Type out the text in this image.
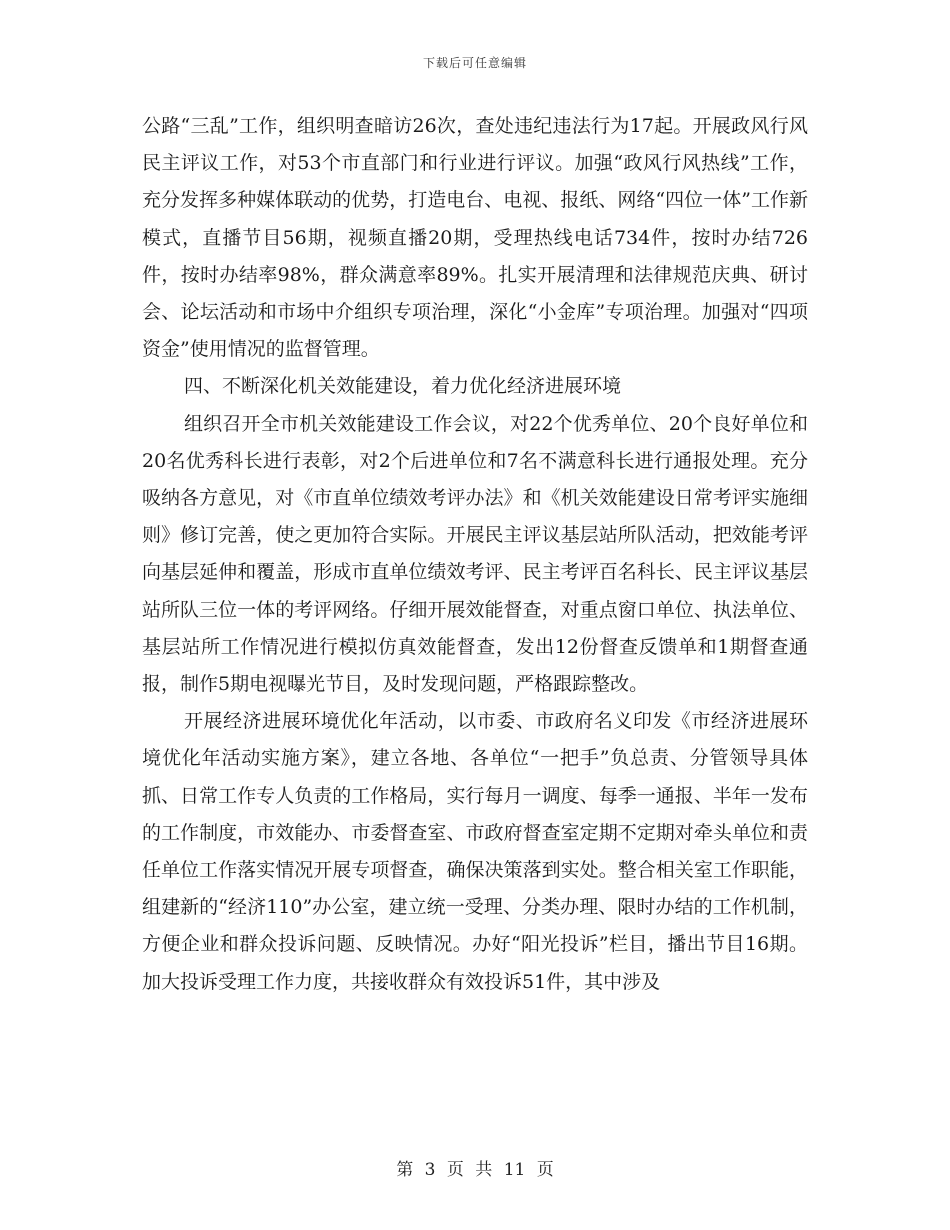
下载后可任意编辑

公路“三乱”工作，组织明查暗访26次，查处违纪违法行为17起。开展政风行风民主评议工作，对53个市直部门和行业进行评议。加强“政风行风热线”工作，充分发挥多种媒体联动的优势，打造电台、电视、报纸、网络“四位一体”工作新模式，直播节目56期，视频直播20期，受理热线电话734件，按时办结726件，按时办结率98%，群众满意率89%。扎实开展清理和法律规范庆典、研讨会、论坛活动和市场中介组织专项治理，深化“小金库”专项治理。加强对“四项资金”使用情况的监督管理。

四、不断深化机关效能建设，着力优化经济进展环境

组织召开全市机关效能建设工作会议，对22个优秀单位、20个良好单位和20名优秀科长进行表彰，对2个后进单位和7名不满意科长进行通报处理。充分吸纳各方意见，对《市直单位绩效考评办法》和《机关效能建设日常考评实施细则》修订完善，使之更加符合实际。开展民主评议基层站所队活动，把效能考评向基层延伸和覆盖，形成市直单位绩效考评、民主考评百名科长、民主评议基层站所队三位一体的考评网络。仔细开展效能督查，对重点窗口单位、执法单位、基层站所工作情况进行模拟仿真效能督查，发出12份督查反馈单和1期督查通报，制作5期电视曝光节目，及时发现问题，严格跟踪整改。

开展经济进展环境优化年活动，以市委、市政府名义印发《市经济进展环境优化年活动实施方案》，建立各地、各单位“一把手”负总责、分管领导具体抓、日常工作专人负责的工作格局，实行每月一调度、每季一通报、半年一发布的工作制度，市效能办、市委督查室、市政府督查室定期不定期对牵头单位和责任单位工作落实情况开展专项督查，确保决策落到实处。整合相关室工作职能，组建新的“经济110”办公室，建立统一受理、分类办理、限时办结的工作机制，方便企业和群众投诉问题、反映情况。办好“阳光投诉”栏目，播出节目16期。加大投诉受理工作力度，共接收群众有效投诉51件，其中涉及

第 3 页 共 11 页
